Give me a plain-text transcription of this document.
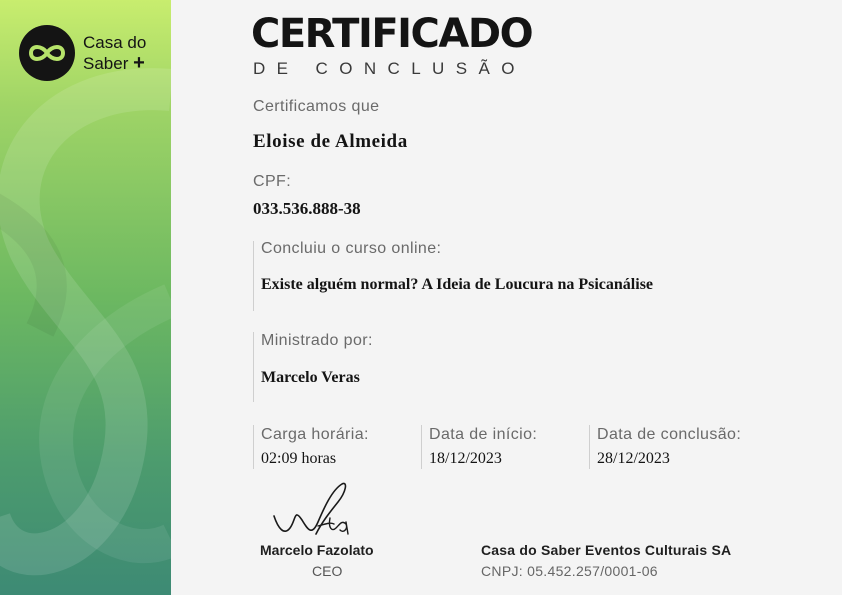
Casa do
Saber +
CERTIFICADO
DE CONCLUSÃO
Certificamos que
Eloise de Almeida
CPF:
033.536.888-38
Concluiu o curso online:
Existe alguém normal? A Ideia de Loucura na Psicanálise
Ministrado por:
Marcelo Veras
Carga horária:
02:09 horas
Data de início:
18/12/2023
Data de conclusão:
28/12/2023
Marcelo Fazolato
CEO
Casa do Saber Eventos Culturais SA
CNPJ: 05.452.257/0001-06
